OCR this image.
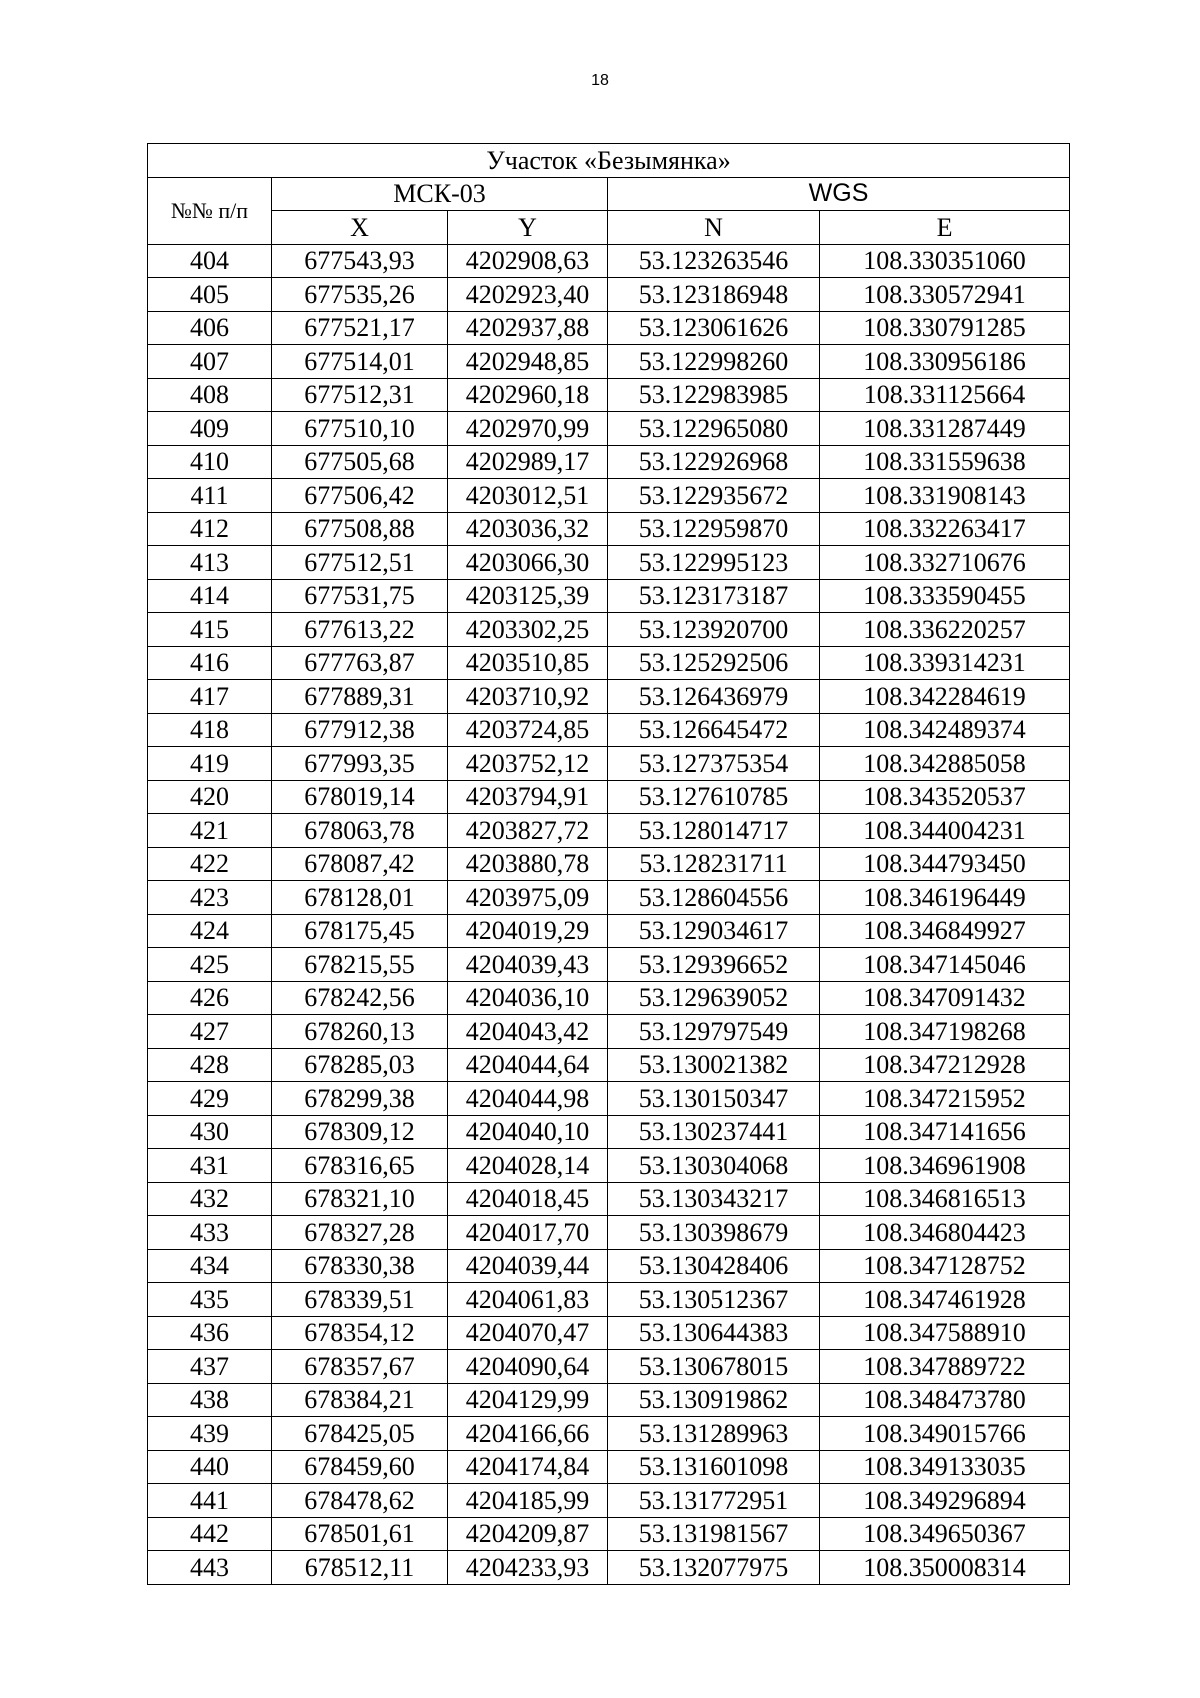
18
Участок «Безымянка»				
№№ п/п	МСК-03		WGS	
	X	Y	N	E
404	677543,93	4202908,63	53.123263546	108.330351060
405	677535,26	4202923,40	53.123186948	108.330572941
406	677521,17	4202937,88	53.123061626	108.330791285
407	677514,01	4202948,85	53.122998260	108.330956186
408	677512,31	4202960,18	53.122983985	108.331125664
409	677510,10	4202970,99	53.122965080	108.331287449
410	677505,68	4202989,17	53.122926968	108.331559638
411	677506,42	4203012,51	53.122935672	108.331908143
412	677508,88	4203036,32	53.122959870	108.332263417
413	677512,51	4203066,30	53.122995123	108.332710676
414	677531,75	4203125,39	53.123173187	108.333590455
415	677613,22	4203302,25	53.123920700	108.336220257
416	677763,87	4203510,85	53.125292506	108.339314231
417	677889,31	4203710,92	53.126436979	108.342284619
418	677912,38	4203724,85	53.126645472	108.342489374
419	677993,35	4203752,12	53.127375354	108.342885058
420	678019,14	4203794,91	53.127610785	108.343520537
421	678063,78	4203827,72	53.128014717	108.344004231
422	678087,42	4203880,78	53.128231711	108.344793450
423	678128,01	4203975,09	53.128604556	108.346196449
424	678175,45	4204019,29	53.129034617	108.346849927
425	678215,55	4204039,43	53.129396652	108.347145046
426	678242,56	4204036,10	53.129639052	108.347091432
427	678260,13	4204043,42	53.129797549	108.347198268
428	678285,03	4204044,64	53.130021382	108.347212928
429	678299,38	4204044,98	53.130150347	108.347215952
430	678309,12	4204040,10	53.130237441	108.347141656
431	678316,65	4204028,14	53.130304068	108.346961908
432	678321,10	4204018,45	53.130343217	108.346816513
433	678327,28	4204017,70	53.130398679	108.346804423
434	678330,38	4204039,44	53.130428406	108.347128752
435	678339,51	4204061,83	53.130512367	108.347461928
436	678354,12	4204070,47	53.130644383	108.347588910
437	678357,67	4204090,64	53.130678015	108.347889722
438	678384,21	4204129,99	53.130919862	108.348473780
439	678425,05	4204166,66	53.131289963	108.349015766
440	678459,60	4204174,84	53.131601098	108.349133035
441	678478,62	4204185,99	53.131772951	108.349296894
442	678501,61	4204209,87	53.131981567	108.349650367
443	678512,11	4204233,93	53.132077975	108.350008314
